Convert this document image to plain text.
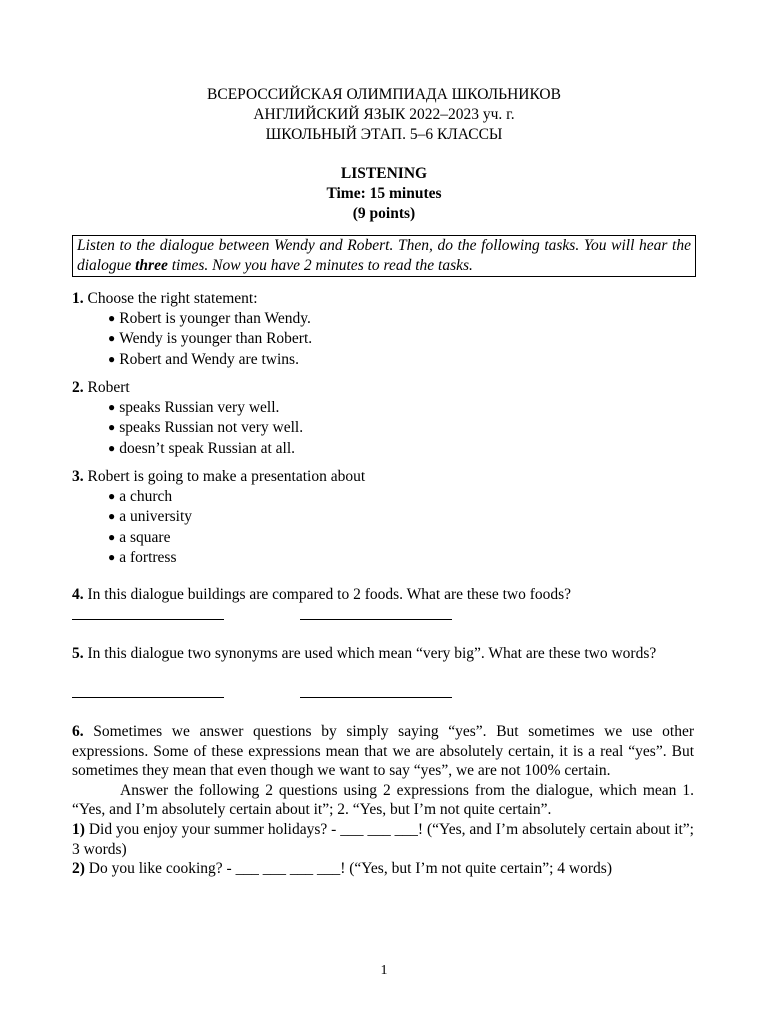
ВСЕРОССИЙСКАЯ ОЛИМПИАДА ШКОЛЬНИКОВ
АНГЛИЙСКИЙ ЯЗЫК 2022–2023 уч. г.
ШКОЛЬНЫЙ ЭТАП. 5–6 КЛАССЫ
LISTENING
Time: 15 minutes
(9 points)
Listen to the dialogue between Wendy and Robert. Then, do the following tasks. You will hear the dialogue three times. Now you have 2 minutes to read the tasks.
1. Choose the right statement:
● Robert is younger than Wendy.
● Wendy is younger than Robert.
● Robert and Wendy are twins.
2. Robert
● speaks Russian very well.
● speaks Russian not very well.
● doesn’t speak Russian at all.
3. Robert is going to make a presentation about
● a church
● a university
● a square
● a fortress
4. In this dialogue buildings are compared to 2 foods. What are these two foods?

5. In this dialogue two synonyms are used which mean “very big”. What are these two words?

6. Sometimes we answer questions by simply saying “yes”. But sometimes we use other expressions. Some of these expressions mean that we are absolutely certain, it is a real “yes”. But sometimes they mean that even though we want to say “yes”, we are not 100% certain.
Answer the following 2 questions using 2 expressions from the dialogue, which mean 1. “Yes, and I’m absolutely certain about it”; 2. “Yes, but I’m not quite certain”.
1) Did you enjoy your summer holidays? - ___ ___ ___! (“Yes, and I’m absolutely certain about it”; 3 words)
2) Do you like cooking? - ___ ___ ___ ___! (“Yes, but I’m not quite certain”; 4 words)
1
